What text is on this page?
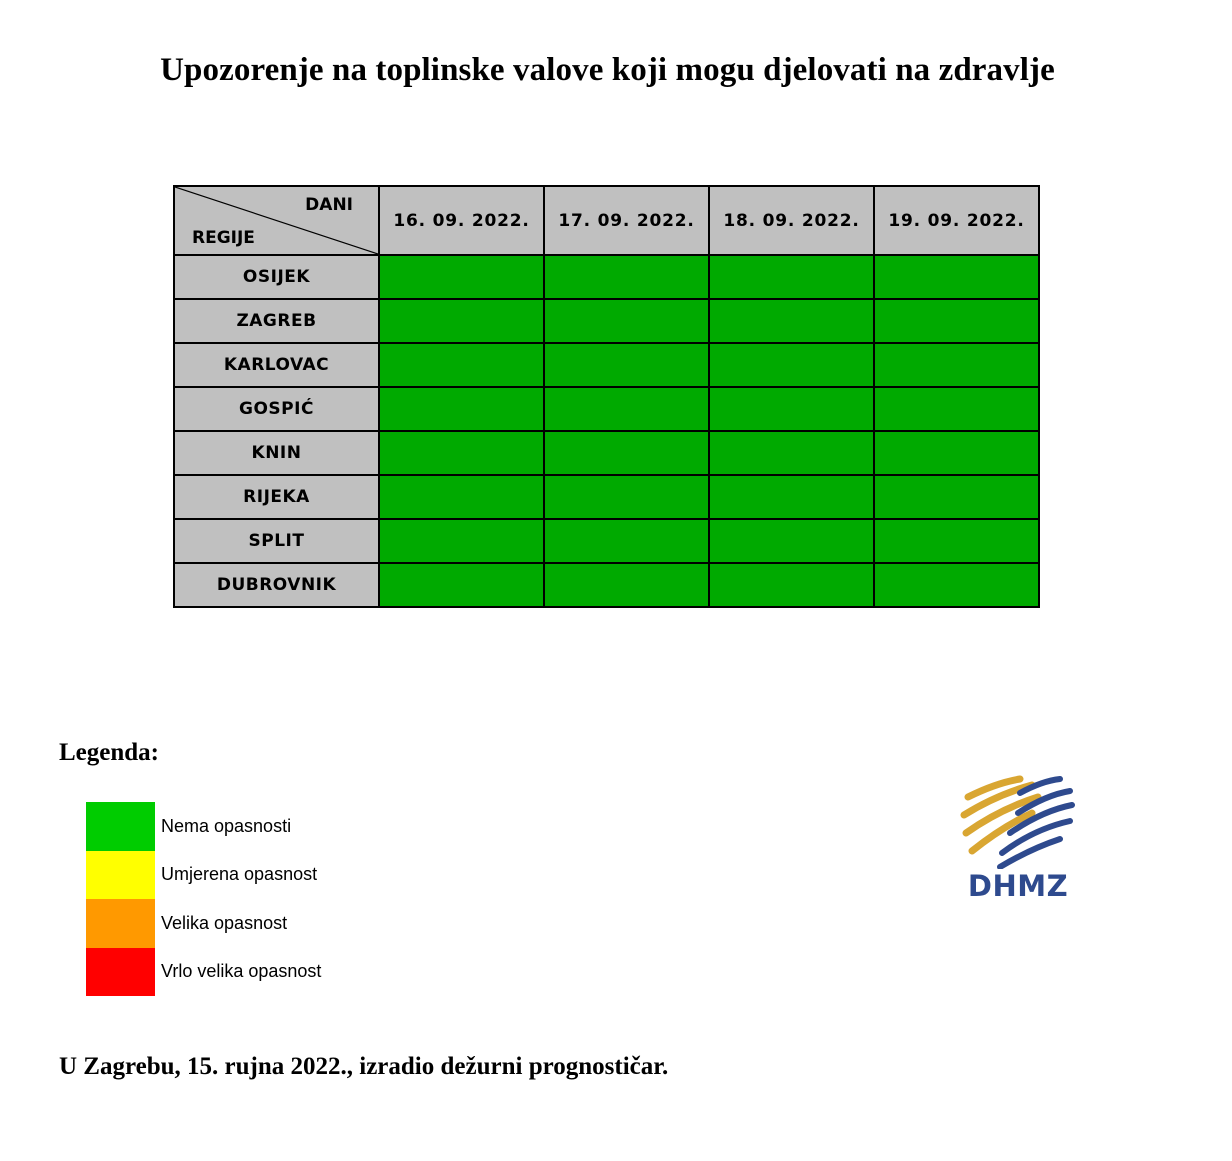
Upozorenje na toplinske valove koji mogu djelovati na zdravlje
DANI
REGIJE	16. 09. 2022.	17. 09. 2022.	18. 09. 2022.	19. 09. 2022.
OSIJEK				
ZAGREB				
KARLOVAC				
GOSPIĆ				
KNIN				
RIJEKA				
SPLIT				
DUBROVNIK				
Legenda:
Nema opasnosti
Umjerena opasnost
Velika opasnost
Vrlo velika opasnost
DHMZ
U Zagrebu, 15. rujna 2022., izradio dežurni prognostičar.
